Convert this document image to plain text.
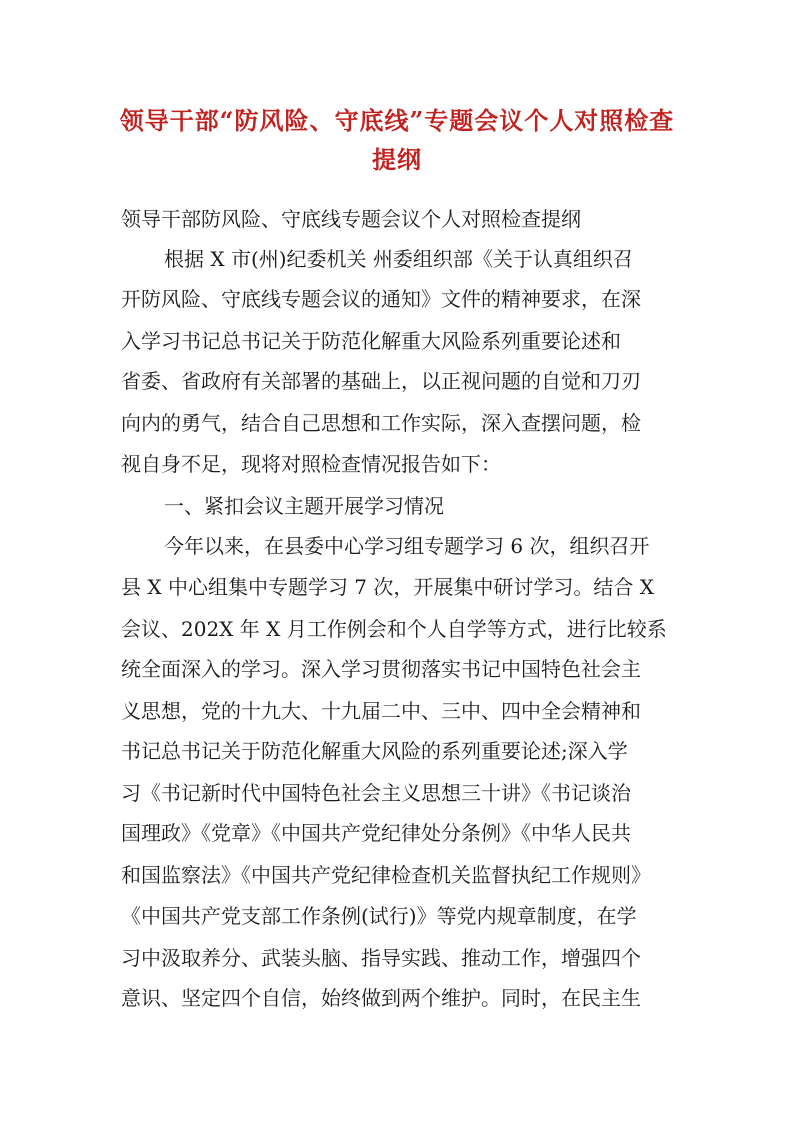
领导干部“防风险、守底线”专题会议个人对照检查
提纲
领导干部防风险、守底线专题会议个人对照检查提纲
根据 X 市(州)纪委机关 州委组织部《关于认真组织召
开防风险、守底线专题会议的通知》文件的精神要求，在深
入学习书记总书记关于防范化解重大风险系列重要论述和
省委、省政府有关部署的基础上，以正视问题的自觉和刀刃
向内的勇气，结合自己思想和工作实际，深入查摆问题，检
视自身不足，现将对照检查情况报告如下：
一、紧扣会议主题开展学习情况
今年以来，在县委中心学习组专题学习 6 次，组织召开
县 X 中心组集中专题学习 7 次，开展集中研讨学习。结合 X
会议、202X 年 X 月工作例会和个人自学等方式，进行比较系
统全面深入的学习。深入学习贯彻落实书记中国特色社会主
义思想，党的十九大、十九届二中、三中、四中全会精神和
书记总书记关于防范化解重大风险的系列重要论述;深入学
习《书记新时代中国特色社会主义思想三十讲》《书记谈治
国理政》《党章》《中国共产党纪律处分条例》《中华人民共
和国监察法》《中国共产党纪律检查机关监督执纪工作规则》
《中国共产党支部工作条例(试行)》等党内规章制度，在学
习中汲取养分、武装头脑、指导实践、推动工作，增强四个
意识、坚定四个自信，始终做到两个维护。同时，在民主生
